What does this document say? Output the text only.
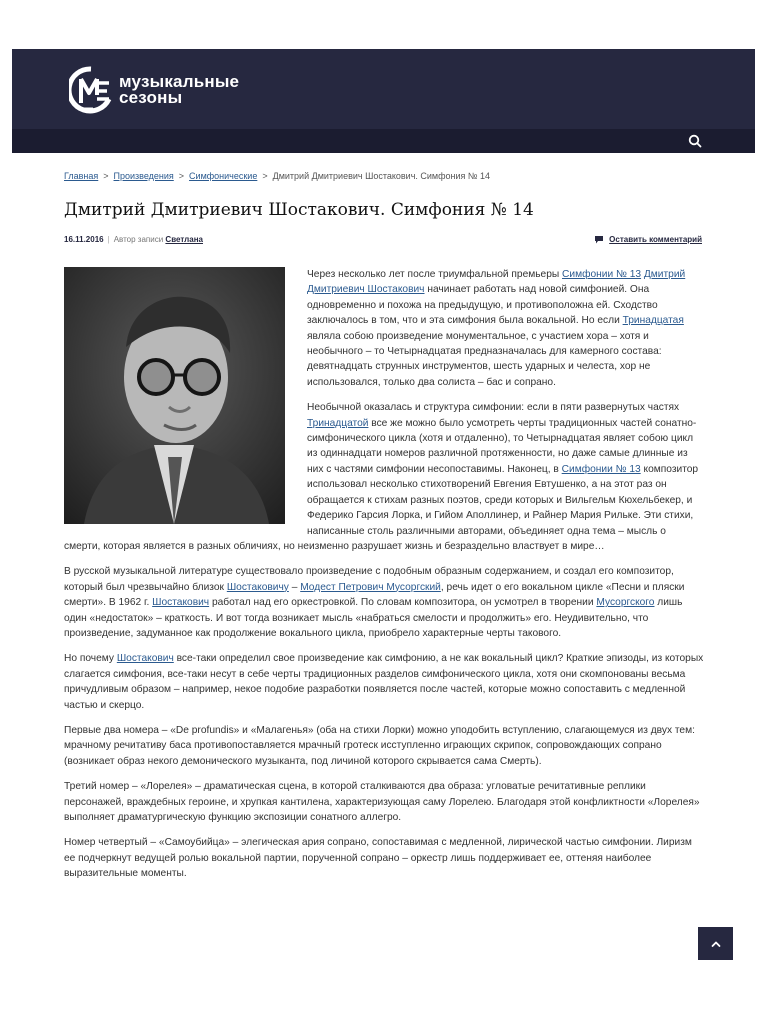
музыкальные
сезоны
Главная > Произведения > Симфонические > Дмитрий Дмитриевич Шостакович. Симфония № 14
Дмитрий Дмитриевич Шостакович. Симфония № 14
16.11.2016 | Автор записи Светлана	Оставить комментарий

Через несколько лет после триумфальной премьеры Симфонии № 13 Дмитрий Дмитриевич Шостакович начинает работать над новой симфонией. Она одновременно и похожа на предыдущую, и противоположна ей. Сходство заключалось в том, что и эта симфония была вокальной. Но если Тринадцатая являла собою произведение монументальное, с участием хора – хотя и необычного – то Четырнадцатая предназначалась для камерного состава: девятнадцать струнных инструментов, шесть ударных и челеста, хор не использовался, только два солиста – бас и сопрано.

Необычной оказалась и структура симфонии: если в пяти развернутых частях Тринадцатой все же можно было усмотреть черты традиционных частей сонатно-симфонического цикла (хотя и отдаленно), то Четырнадцатая являет собою цикл из одиннадцати номеров различной протяженности, но даже самые длинные из них с частями симфонии несопоставимы. Наконец, в Симфонии № 13 композитор использовал несколько стихотворений Евгения Евтушенко, а на этот раз он обращается к стихам разных поэтов, среди которых и Вильгельм Кюхельбекер, и Федерико Гарсия Лорка, и Гийом Аполлинер, и Райнер Мария Рильке. Эти стихи, написанные столь различными авторами, объединяет одна тема – мысль о смерти, которая является в разных обличиях, но неизменно разрушает жизнь и безраздельно властвует в мире…

В русской музыкальной литературе существовало произведение с подобным образным содержанием, и создал его композитор, который был чрезвычайно близок Шостаковичу – Модест Петрович Мусоргский, речь идет о его вокальном цикле «Песни и пляски смерти». В 1962 г. Шостакович работал над его оркестровкой. По словам композитора, он усмотрел в творении Мусоргского лишь один «недостаток» – краткость. И вот тогда возникает мысль «набраться смелости и продолжить» его. Неудивительно, что произведение, задуманное как продолжение вокального цикла, приобрело характерные черты такового.

Но почему Шостакович все-таки определил свое произведение как симфонию, а не как вокальный цикл? Краткие эпизоды, из которых слагается симфония, все-таки несут в себе черты традиционных разделов симфонического цикла, хотя они скомпонованы весьма причудливым образом – например, некое подобие разработки появляется после частей, которые можно сопоставить с медленной частью и скерцо.

Первые два номера – «De profundis» и «Малагенья» (оба на стихи Лорки) можно уподобить вступлению, слагающемуся из двух тем: мрачному речитативу баса противопоставляется мрачный гротеск исступленно играющих скрипок, сопровождающих сопрано (возникает образ некого демонического музыканта, под личиной которого скрывается сама Смерть).

Третий номер – «Лорелея» – драматическая сцена, в которой сталкиваются два образа: угловатые речитативные реплики персонажей, враждебных героине, и хрупкая кантилена, характеризующая саму Лорелею. Благодаря этой конфликтности «Лорелея» выполняет драматургическую функцию экспозиции сонатного аллегро.

Номер четвертый – «Самоубийца» – элегическая ария сопрано, сопоставимая с медленной, лирической частью симфонии. Лиризм ее подчеркнут ведущей ролью вокальной партии, порученной сопрано – оркестр лишь поддерживает ее, оттеняя наиболее выразительные моменты.
